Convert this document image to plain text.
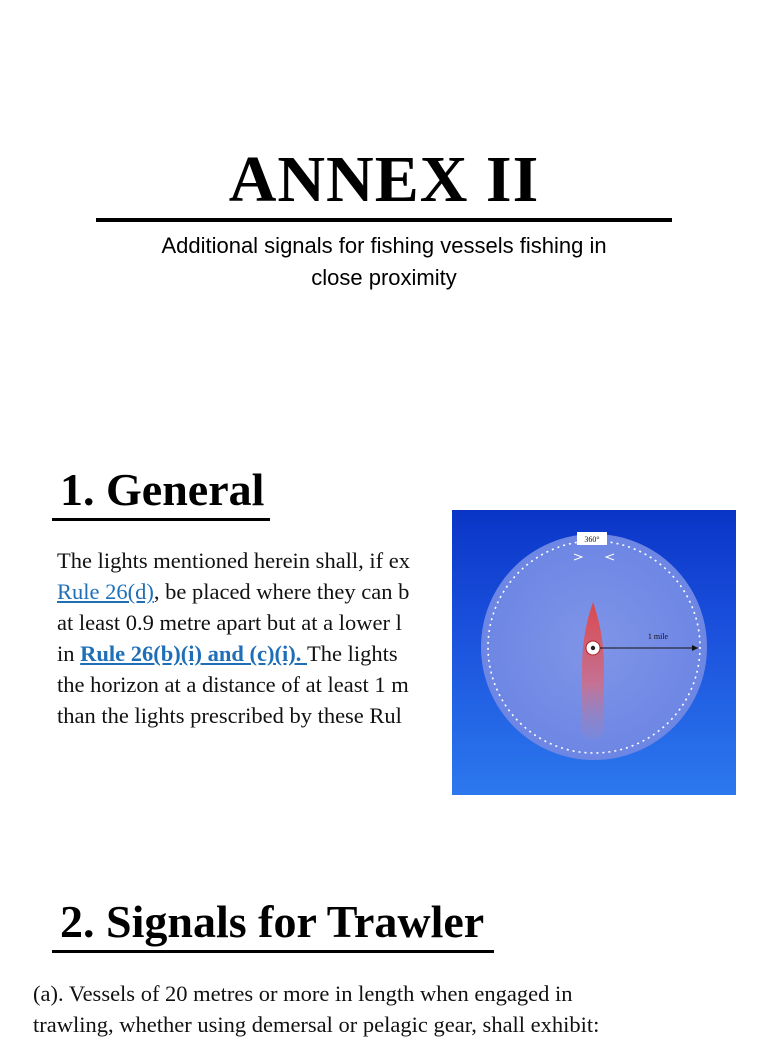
ANNEX II
Additional signals for fishing vessels fishing in
close proximity
1. General

The lights mentioned herein shall, if ex

Rule 26(d), be placed where they can b

at least 0.9 metre apart but at a lower l

in Rule 26(b)(i) and (c)(i). The lights

the horizon at a distance of at least 1 m

than the lights prescribed by these Rul

1 mile
360°
2. Signals for Trawler

(a). Vessels of 20 metres or more in length when engaged in

trawling, whether using demersal or pelagic gear, shall exhibit:
